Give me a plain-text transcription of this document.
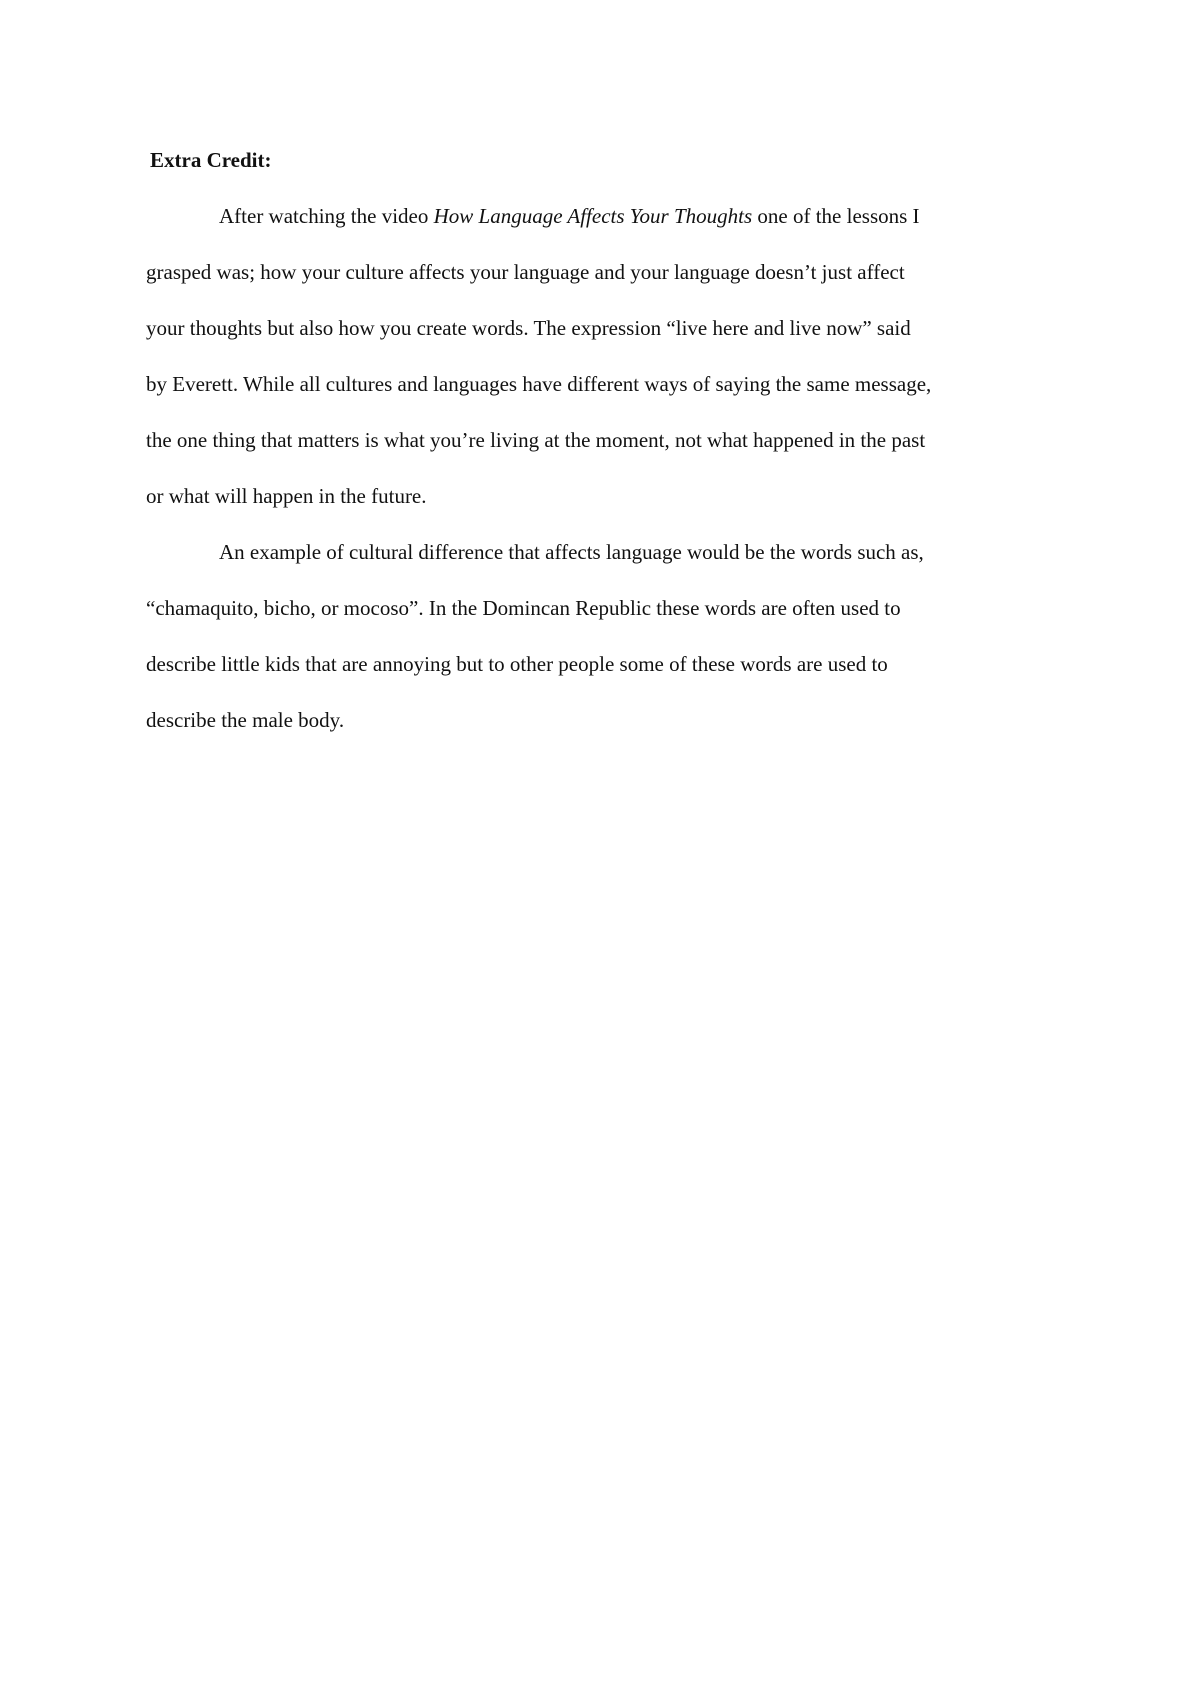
Extra Credit:
After watching the video How Language Affects Your Thoughts one of the lessons I
grasped was; how your culture affects your language and your language doesn’t just affect
your thoughts but also how you create words. The expression “live here and live now” said
by Everett. While all cultures and languages have different ways of saying the same message,
the one thing that matters is what you’re living at the moment, not what happened in the past
or what will happen in the future.
An example of cultural difference that affects language would be the words such as,
“chamaquito, bicho, or mocoso”. In the Domincan Republic these words are often used to
describe little kids that are annoying but to other people some of these words are used to
describe the male body.
